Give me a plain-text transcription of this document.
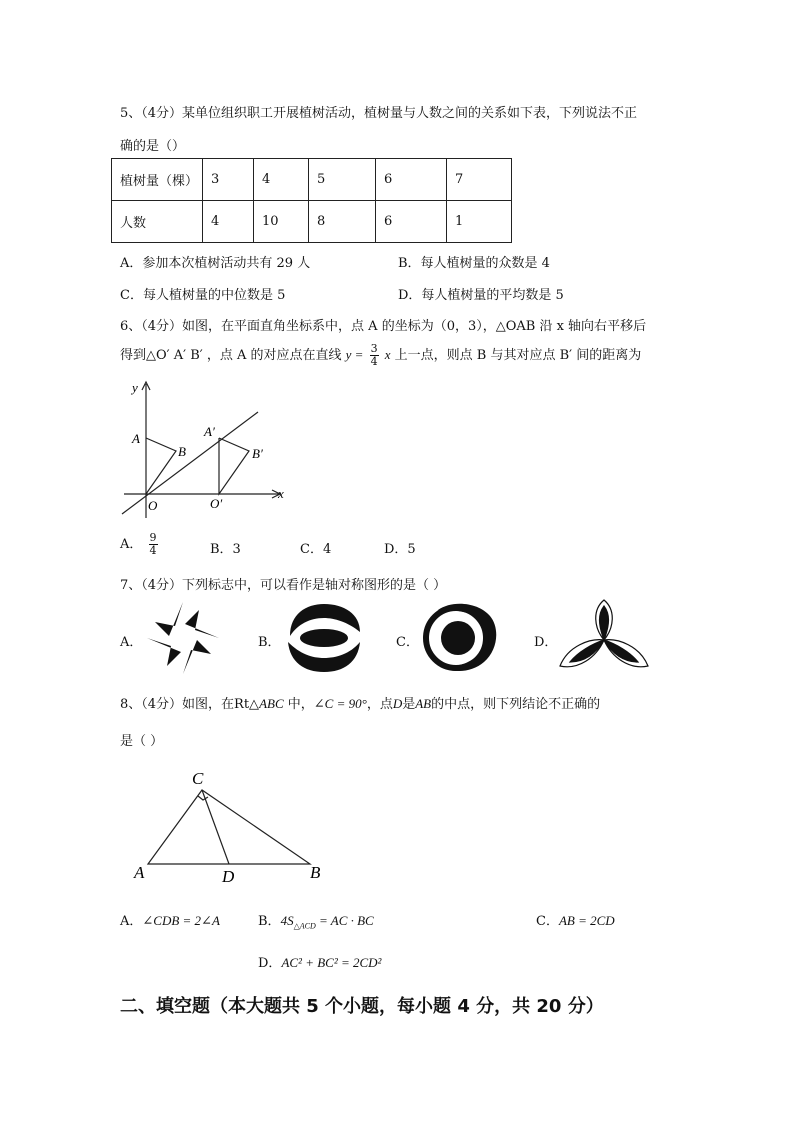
5、（4分）某单位组织职工开展植树活动，植树量与人数之间的关系如下表，下列说法不正
确的是（）
植树量（棵）	3	4	5	6	7
人数	4	10	8	6	1
A．参加本次植树活动共有 29 人	B．每人植树量的众数是 4
C．每人植树量的中位数是 5	D．每人植树量的平均数是 5
6、（4分）如图，在平面直角坐标系中，点 A 的坐标为（0，3），△OAB 沿 x 轴向右平移后
得到△O′ A′ B′ ，点 A 的对应点在直线 $y = \frac{3}{4}$ x 上一点，则点 B 与其对应点 B′ 间的距离为
y
x
A
B
O
A′
B′
O′
A． $\frac{9}{4}$	B．3	C．4	D．5
7、（4分）下列标志中，可以看作是轴对称图形的是（ ）
A．	B．	C．	D．
8、（4分）如图，在Rt△ABC 中，∠C = 90°，点D是AB的中点，则下列结论不正确的
是（ ）
C
A	D	B
A．∠CDB = 2∠A	B．$4S_{\triangle ACD}$ = AC · BC	C．AB = 2CD
D．AC² + BC² = 2CD²
二、填空题（本大题共 5 个小题，每小题 4 分，共 20 分）
